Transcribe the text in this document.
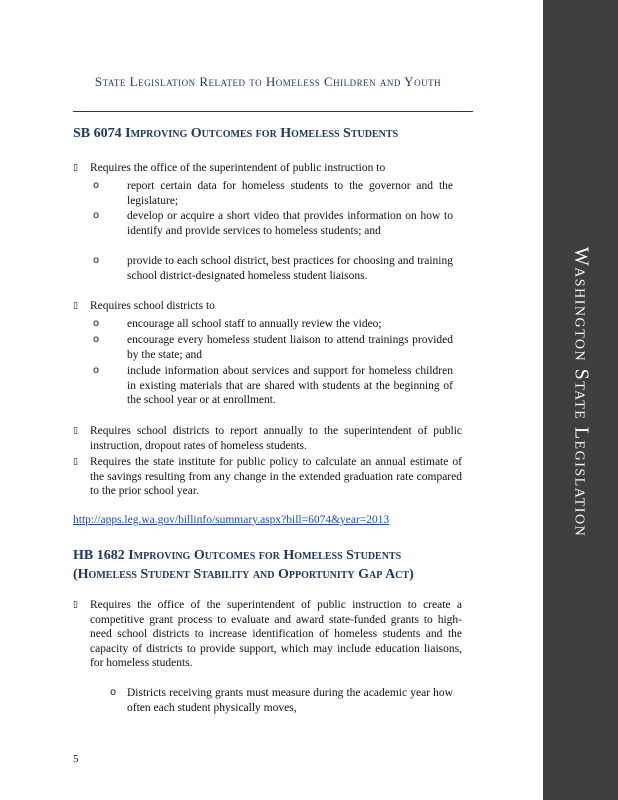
Washington State Legislation
State Legislation Related to Homeless Children and Youth
SB 6074 Improving Outcomes for Homeless Students
▯ Requires the office of the superintendent of public instruction to
o report certain data for homeless students to the governor and the legislature;
o develop or acquire a short video that provides information on how to identify and provide services to homeless students; and
o provide to each school district, best practices for choosing and training school district-designated homeless student liaisons.
▯ Requires school districts to
o encourage all school staff to annually review the video;
o encourage every homeless student liaison to attend trainings provided by the state; and
o include information about services and support for homeless children in existing materials that are shared with students at the beginning of the school year or at enrollment.
▯ Requires school districts to report annually to the superintendent of public instruction, dropout rates of homeless students.
▯ Requires the state institute for public policy to calculate an annual estimate of the savings resulting from any change in the extended graduation rate compared to the prior school year.
http://apps.leg.wa.gov/billinfo/summary.aspx?bill=6074&year=2013
HB 1682 Improving Outcomes for Homeless Students
(Homeless Student Stability and Opportunity Gap Act)
▯ Requires the office of the superintendent of public instruction to create a competitive grant process to evaluate and award state-funded grants to high-need school districts to increase identification of homeless students and the capacity of districts to provide support, which may include education liaisons, for homeless students.
o Districts receiving grants must measure during the academic year how often each student physically moves,
5
